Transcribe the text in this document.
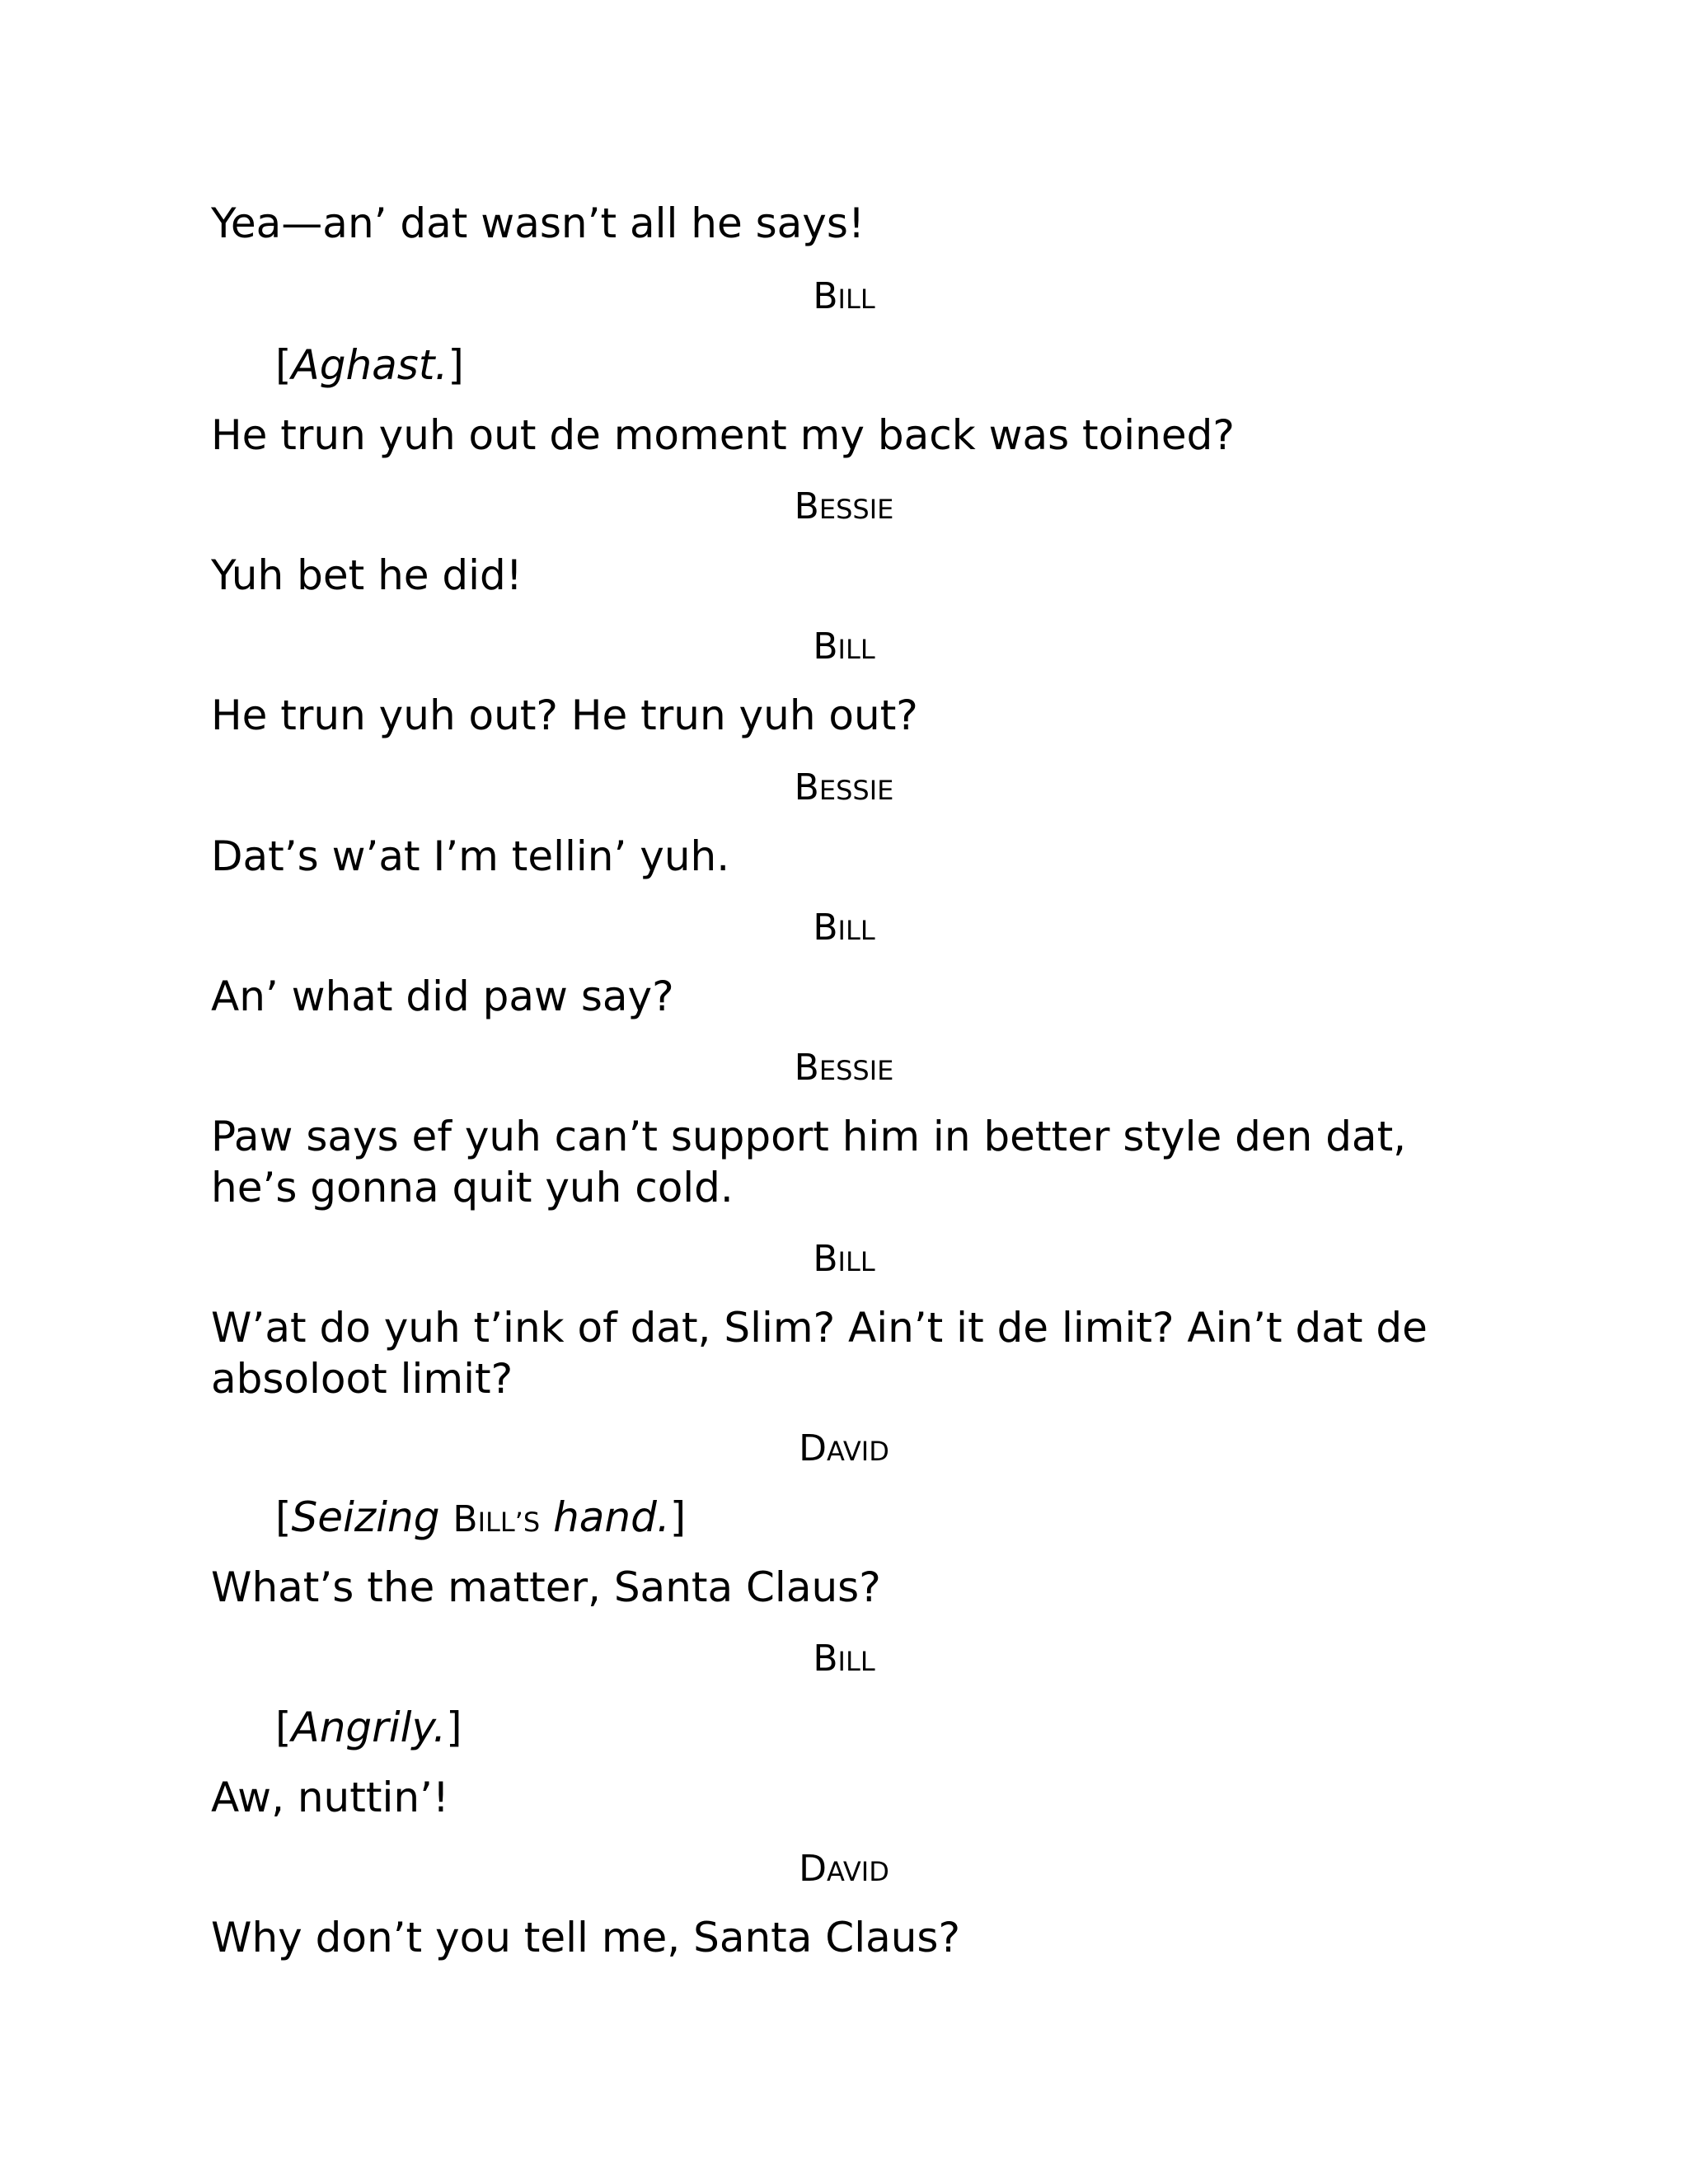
Yea—an’ dat wasn’t all he says!

BILL

[Aghast.]

He trun yuh out de moment my back was toined?

BESSIE

Yuh bet he did!

BILL

He trun yuh out? He trun yuh out?

BESSIE

Dat’s w’at I’m tellin’ yuh.

BILL

An’ what did paw say?

BESSIE

Paw says ef yuh can’t support him in better style den dat, he’s gonna quit yuh cold.

BILL

W’at do yuh t’ink of dat, Slim? Ain’t it de limit? Ain’t dat de absoloot limit?

DAVID

[Seizing BILL’S hand.]

What’s the matter, Santa Claus?

BILL

[Angrily.]

Aw, nuttin’!

DAVID

Why don’t you tell me, Santa Claus?
